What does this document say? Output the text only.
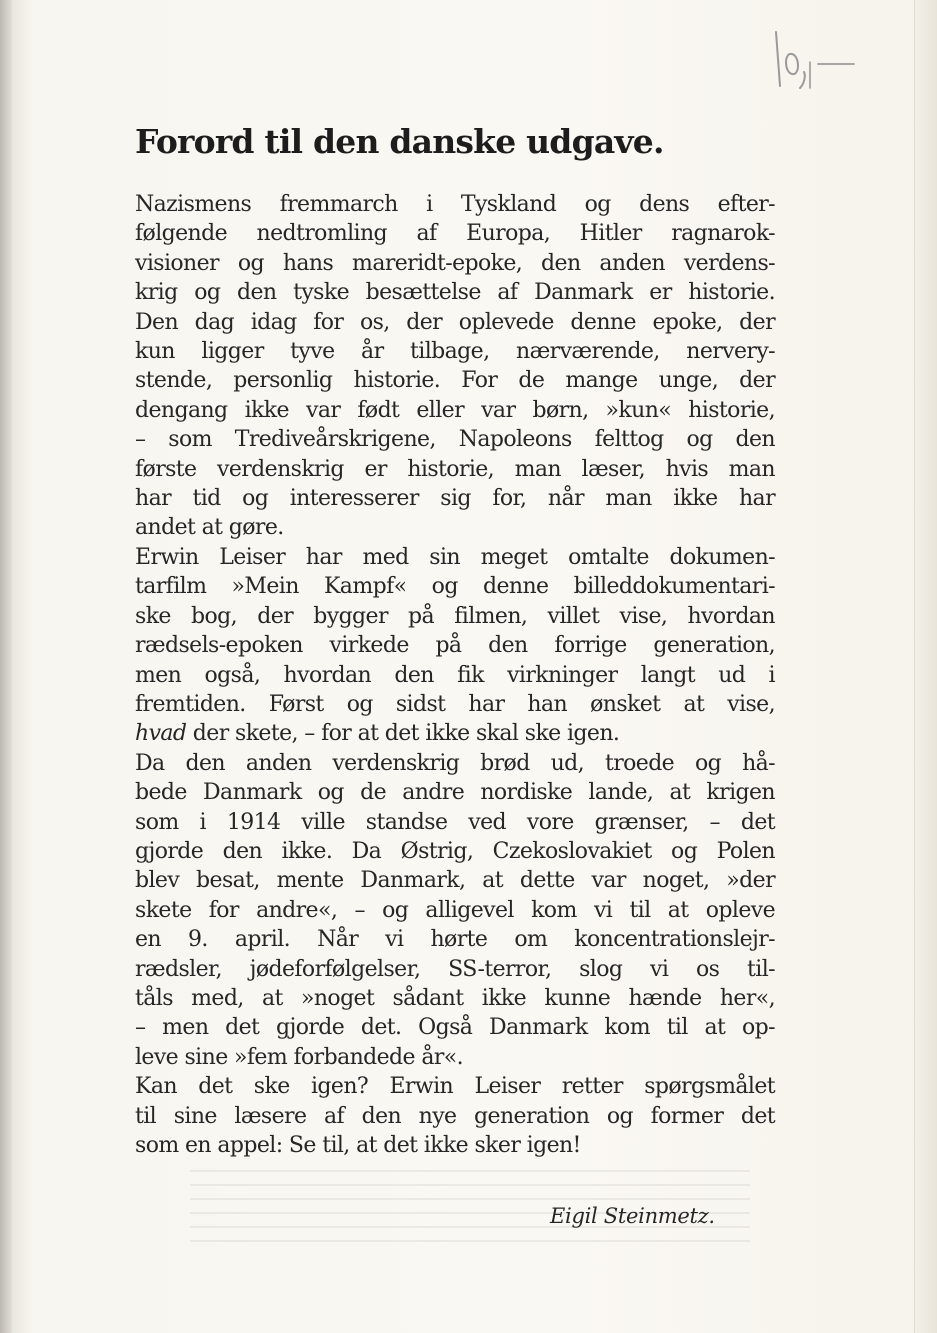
Forord til den danske udgave.
Nazismens fremmarch i Tyskland og dens efter-
følgende nedtromling af Europa, Hitler ragnarok-
visioner og hans mareridt-epoke, den anden verdens-
krig og den tyske besættelse af Danmark er historie.
Den dag idag for os, der oplevede denne epoke, der
kun ligger tyve år tilbage, nærværende, nervery-
stende, personlig historie. For de mange unge, der
dengang ikke var født eller var børn, »kun« historie,
– som Trediveårskrigene, Napoleons felttog og den
første verdenskrig er historie, man læser, hvis man
har tid og interesserer sig for, når man ikke har
andet at gøre.
Erwin Leiser har med sin meget omtalte dokumen-
tarfilm »Mein Kampf« og denne billeddokumentari-
ske bog, der bygger på filmen, villet vise, hvordan
rædsels-epoken virkede på den forrige generation,
men også, hvordan den fik virkninger langt ud i
fremtiden. Først og sidst har han ønsket at vise,
hvad der skete, – for at det ikke skal ske igen.
Da den anden verdenskrig brød ud, troede og hå-
bede Danmark og de andre nordiske lande, at krigen
som i 1914 ville standse ved vore grænser, – det
gjorde den ikke. Da Østrig, Czekoslovakiet og Polen
blev besat, mente Danmark, at dette var noget, »der
skete for andre«, – og alligevel kom vi til at opleve
en 9. april. Når vi hørte om koncentrationslejr-
rædsler, jødeforfølgelser, SS-terror, slog vi os til-
tåls med, at »noget sådant ikke kunne hænde her«,
– men det gjorde det. Også Danmark kom til at op-
leve sine »fem forbandede år«.
Kan det ske igen? Erwin Leiser retter spørgsmålet
til sine læsere af den nye generation og former det
som en appel: Se til, at det ikke sker igen!
Eigil Steinmetz.
